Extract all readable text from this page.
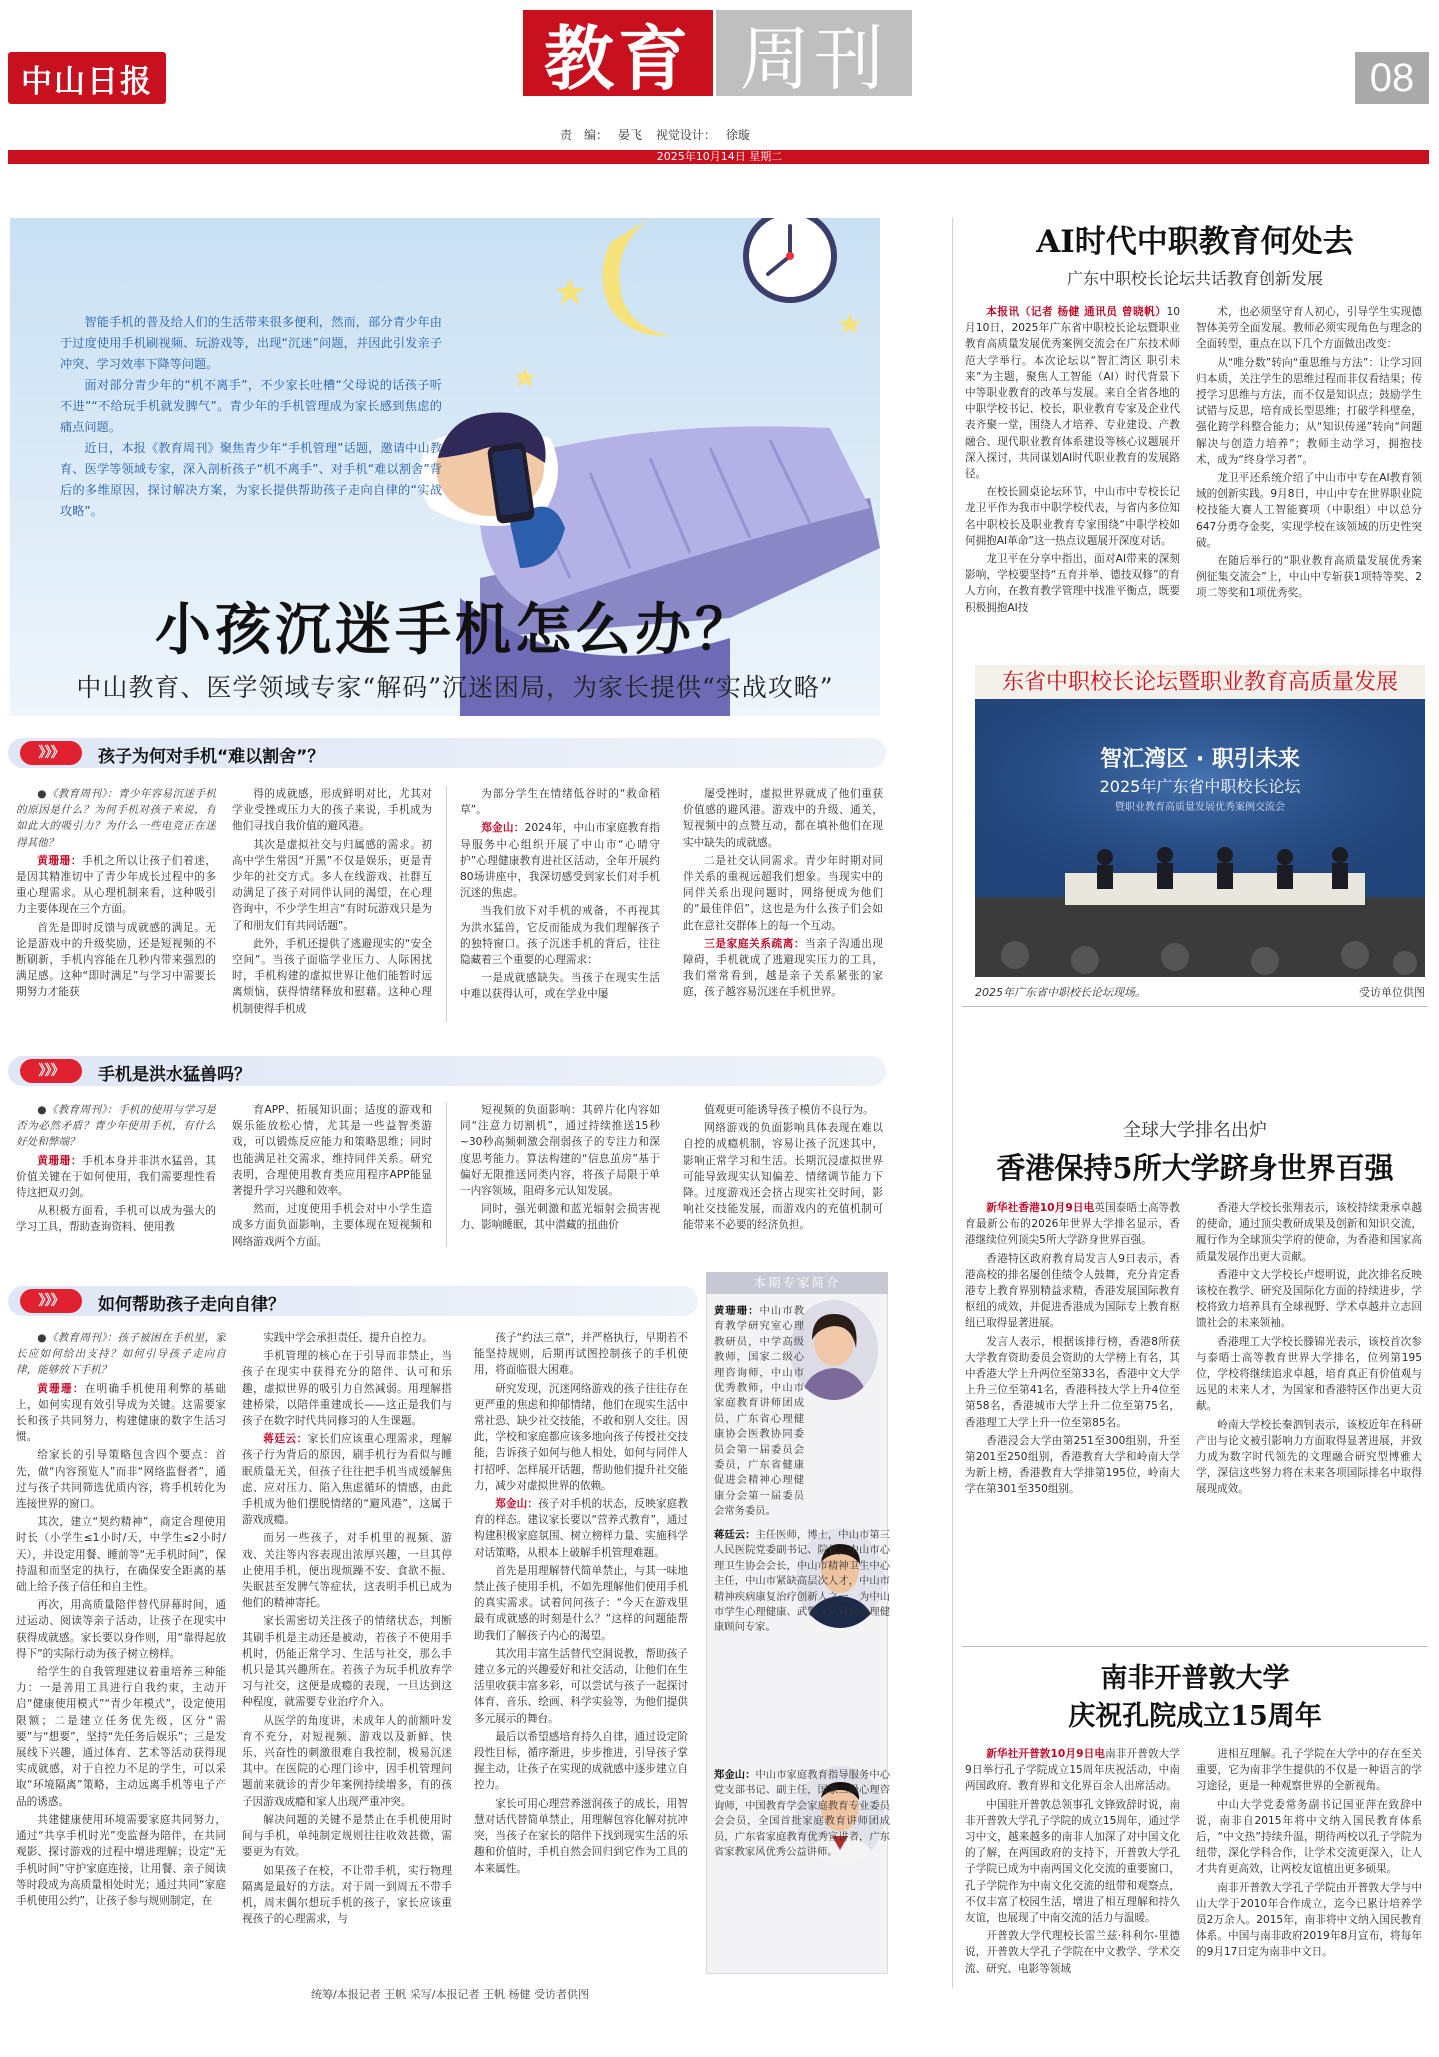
中山日报	教育 周刊	08
责　编： 晏飞 视觉设计： 徐璇
2025年10月14日 星期二

智能手机的普及给人们的生活带来很多便利，然而，部分青少年由于过度使用手机刷视频、玩游戏等，出现“沉迷”问题，并因此引发亲子冲突、学习效率下降等问题。

面对部分青少年的“机不离手”，不少家长吐槽“父母说的话孩子听不进”“不给玩手机就发脾气”。青少年的手机管理成为家长感到焦虑的痛点问题。

近日，本报《教育周刊》聚焦青少年“手机管理”话题，邀请中山教育、医学等领域专家，深入剖析孩子“机不离手”、对手机“难以割舍”背后的多维原因，探讨解决方案，为家长提供帮助孩子走向自律的“实战攻略”。

小孩沉迷手机怎么办？
中山教育、医学领域专家“解码”沉迷困局，为家长提供“实战攻略”
》》》	孩子为何对手机“难以割舍”？

●《教育周刊》：青少年容易沉迷手机的原因是什么？为何手机对孩子来说，有如此大的吸引力？为什么一些电竞正在迷得其他？

黄珊珊：手机之所以让孩子们着迷，是因其精准切中了青少年成长过程中的多重心理需求。从心理机制来看，这种吸引力主要体现在三个方面。

首先是即时反馈与成就感的满足。无论是游戏中的升级奖励，还是短视频的不断刷新，手机内容能在几秒内带来强烈的满足感。这种“即时满足”与学习中需要长期努力才能获

得的成就感，形成鲜明对比，尤其对学业受挫或压力大的孩子来说，手机成为他们寻找自我价值的避风港。

其次是虚拟社交与归属感的需求。初高中学生常因“开黑”不仅是娱乐，更是青少年的社交方式。多人在线游戏、社群互动满足了孩子对同伴认同的渴望，在心理咨询中，不少学生坦言“有时玩游戏只是为了和朋友们有共同话题”。

此外，手机还提供了逃避现实的“安全空间”。当孩子面临学业压力、人际困扰时，手机构建的虚拟世界让他们能暂时远离烦恼，获得情绪释放和慰藉。这种心理机制使得手机成

为部分学生在情绪低谷时的“救命稻草”。

郑金山：2024年，中山市家庭教育指导服务中心组织开展了中山市“心晴守护”心理健康教育进社区活动，全年开展约80场讲座中，我深切感受到家长们对手机沉迷的焦虑。

当我们放下对手机的戒备，不再视其为洪水猛兽，它反而能成为我们理解孩子的独特窗口。孩子沉迷手机的背后，往往隐藏着三个重要的心理需求：

一是成就感缺失。当孩子在现实生活中难以获得认可，或在学业中屡

屡受挫时，虚拟世界就成了他们重获价值感的避风港。游戏中的升级、通关，短视频中的点赞互动，都在填补他们在现实中缺失的成就感。

二是社交认同需求。青少年时期对同伴关系的重视远超我们想象。当现实中的同伴关系出现问题时，网络便成为他们的“最佳伴侣”，这也是为什么孩子们会如此在意社交群体上的每一个互动。

三是家庭关系疏离：当亲子沟通出现障碍，手机就成了逃避现实压力的工具，我们常常看到，越是亲子关系紧张的家庭，孩子越容易沉迷在手机世界。

》》》	手机是洪水猛兽吗？

●《教育周刊》：手机的使用与学习是否为必然矛盾？青少年使用手机，有什么好处和弊端？

黄珊珊：手机本身并非洪水猛兽，其价值关键在于如何使用，我们需要理性看待这把双刃剑。

从积极方面看，手机可以成为强大的学习工具，帮助查询资料、使用教

育APP、拓展知识面；适度的游戏和娱乐能放松心情，尤其是一些益智类游戏，可以锻炼反应能力和策略思维；同时也能满足社交需求，维持同伴关系。研究表明，合理使用教育类应用程序APP能显著提升学习兴趣和效率。

然而，过度使用手机会对中小学生造成多方面负面影响，主要体现在短视频和网络游戏两个方面。

短视频的负面影响：其碎片化内容如同“注意力切割机”，通过持续推送15秒~30秒高频刺激会削弱孩子的专注力和深度思考能力。算法构建的“信息茧房”基于偏好无限推送同类内容，将孩子局限于单一内容领域，阻碍多元认知发展。

同时，强光刺激和蓝光辐射会损害视力、影响睡眠，其中潜藏的扭曲价

值观更可能诱导孩子模仿不良行为。

网络游戏的负面影响具体表现在难以自控的成瘾机制，容易让孩子沉迷其中，影响正常学习和生活。长期沉浸虚拟世界可能导致现实认知偏差、情绪调节能力下降。过度游戏还会挤占现实社交时间，影响社交技能发展，而游戏内的充值机制可能带来不必要的经济负担。

》》》	如何帮助孩子走向自律？

●《教育周刊》：孩子被困在手机里，家长应如何给出支持？如何引导孩子走向自律，能够放下手机？

黄珊珊：在明确手机使用利弊的基础上，如何实现有效引导成为关键。这需要家长和孩子共同努力，构建健康的数字生活习惯。

给家长的引导策略包含四个要点：首先，做“内容预览人”而非“网络监督者”，通过与孩子共同筛选优质内容，将手机转化为连接世界的窗口。

其次，建立“契约精神”，商定合理使用时长（小学生≤1小时/天，中学生≤2小时/天），并设定用餐、睡前等“无手机时间”，保持温和而坚定的执行，在确保安全距离的基础上给予孩子信任和自主性。

再次，用高质量陪伴替代屏幕时间，通过运动、阅读等亲子活动，让孩子在现实中获得成就感。家长要以身作则，用“靠得起放得下”的实际行动为孩子树立榜样。

给学生的自我管理建议着重培养三种能力：一是善用工具进行自我约束，主动开启“健康使用模式”“青少年模式”，设定使用限额；二是建立任务优先级，区分“需要”与“想要”，坚持“先任务后娱乐”；三是发展线下兴趣，通过体育、艺术等活动获得现实成就感，对于自控力不足的学生，可以采取“环境隔离”策略，主动远离手机等电子产品的诱惑。

共建健康使用环境需要家庭共同努力，通过“共享手机时光”变监督为陪伴，在共同观影、探讨游戏的过程中增进理解；设定“无手机时间”守护家庭连接，让用餐、亲子阅读等时段成为高质量相处时光；通过共同“家庭手机使用公约”，让孩子参与规则制定，在

实践中学会承担责任、提升自控力。

手机管理的核心在于引导而非禁止，当孩子在现实中获得充分的陪伴、认可和乐趣，虚拟世界的吸引力自然减弱。用理解搭建桥梁，以陪伴重建成长——这正是我们与孩子在数字时代共同修习的人生课题。

蒋廷云：家长们应该重心理需求，理解孩子行为背后的原因，刷手机行为看似与睡眠质量无关，但孩子往往把手机当成缓解焦虑、应对压力、陷入焦虑循环的情感，由此手机成为他们摆脱情绪的“避风港”，这属于游戏成瘾。

而另一些孩子，对手机里的视频、游戏、关注等内容表现出浓厚兴趣，一旦其停止使用手机，便出现烦躁不安、食欲不振、失眠甚至发脾气等症状，这表明手机已成为他们的精神寄托。

家长需密切关注孩子的情绪状态，判断其刷手机是主动还是被动，若孩子不使用手机时，仍能正常学习、生活与社交，那么手机只是其兴趣所在。若孩子为玩手机放弃学习与社交，这便是成瘾的表现，一旦达到这种程度，就需要专业治疗介入。

从医学的角度讲，未成年人的前额叶发育不充分，对短视频、游戏以及新鲜、快乐、兴奋性的刺激很难自我控制，极易沉迷其中。在医院的心理门诊中，因手机管理问题前来就诊的青少年案例持续增多，有的孩子因游戏成瘾和家人出现严重冲突。

解决问题的关键不是禁止在手机使用时间与手机，单纯制定规则往往收效甚微，需要更为有效。

如果孩子在校，不让带手机，实行物理隔离是最好的方法。对于周一到周五不带手机，周末偶尔想玩手机的孩子，家长应该重视孩子的心理需求，与

孩子“约法三章”，并严格执行，早期若不能坚持规则，后期再试图控制孩子的手机使用，将面临很大困难。

研究发现，沉迷网络游戏的孩子往往存在更严重的焦虑和抑郁情绪，他们在现实生活中常社恐、缺少社交技能，不敢和别人交往。因此，学校和家庭都应该多地向孩子传授社交技能，告诉孩子如何与他人相处，如何与同伴人打招呼、怎样展开话题，帮助他们提升社交能力，减少对虚拟世界的依赖。

郑金山：孩子对手机的状态，反映家庭教育的样态。建议家长要以“营养式教育”，通过构建积极家庭氛围、树立榜样力量、实施科学对话策略，从根本上破解手机管理难题。

首先是用理解替代简单禁止，与其一味地禁止孩子使用手机，不如先理解他们使用手机的真实需求。试着问问孩子：“今天在游戏里最有成就感的时刻是什么？”这样的问题能帮助我们了解孩子内心的渴望。

其次用丰富生活替代空洞说教，帮助孩子建立多元的兴趣爱好和社交活动，让他们在生活里收获丰富多彩，可以尝试与孩子一起探讨体育、音乐、绘画、科学实验等，为他们提供多元展示的舞台。

最后以希望感培育持久自律，通过设定阶段性目标，循序渐进，步步推进，引导孩子掌握主动，让孩子在实现的成就感中逐步建立自控力。

家长可用心理营养滋润孩子的成长，用智慧对话代替简单禁止，用理解包容化解对抗冲突，当孩子在家长的陪伴下找到现实生活的乐趣和价值时，手机自然会回归到它作为工具的本来属性。

本期专家简介
黄珊珊：中山市教育教学研究室心理教研员，中学高级教师，国家二级心理咨询师，中山市优秀教师，中山市家庭教育讲师团成员，广东省心理健康协会医教协同委员会第一届委员会委员，广东省健康促进会精神心理健康分会第一届委员会常务委员。
蒋廷云：主任医师，博士，中山市第三人民医院党委副书记、院长，中山市心理卫生协会会长，中山市精神卫生中心主任，中山市紧缺高层次人才，中山市精神疾病康复治疗创新人之一，为中山市学生心理健康、武警支队官兵心理健康顾问专家。
郑金山：中山市家庭教育指导服务中心党支部书记、副主任，国家二级心理咨询师，中国教育学会家庭教育专业委员会会员，全国首批家庭教育讲师团成员，广东省家庭教育优秀宣讲者，广东省家教家风优秀公益讲师。
统筹/本报记者 王帆 采写/本报记者 王帆 杨健 受访者供图
AI时代中职教育何处去
广东中职校长论坛共话教育创新发展

本报讯（记者 杨健 通讯员 曾晓帆）10月10日，2025年广东省中职校长论坛暨职业教育高质量发展优秀案例交流会在广东技术师范大学举行。本次论坛以“智汇湾区 职引未来”为主题，聚焦人工智能（AI）时代背景下中等职业教育的改革与发展。来自全省各地的中职学校书记、校长，职业教育专家及企业代表齐聚一堂，围绕人才培养、专业建设、产教融合、现代职业教育体系建设等核心议题展开深入探讨，共同谋划AI时代职业教育的发展路径。

在校长圆桌论坛环节，中山市中专校长记龙卫平作为我市中职学校代表，与省内多位知名中职校长及职业教育专家围绕“中职学校如何拥抱AI革命”这一热点议题展开深度对话。

龙卫平在分享中指出，面对AI带来的深刻影响，学校要坚持“五育并举、德技双修”的育人方向，在教育教学管理中找准平衡点，既要积极拥抱AI技

术，也必须坚守育人初心，引导学生实现德智体美劳全面发展。教师必须实现角色与理念的全面转型，重点在以下几个方面做出改变：

从“唯分数”转向“重思维与方法”：让学习回归本质，关注学生的思维过程而非仅看结果；传授学习思维与方法，而不仅是知识点；鼓励学生试错与反思，培育成长型思维；打破学科壁垒，强化跨学科整合能力；从“知识传递”转向“问题解决与创造力培养”；教师主动学习，拥抱技术，成为“终身学习者”。

龙卫平还系统介绍了中山市中专在AI教育领域的创新实践。9月8日，中山中专在世界职业院校技能大赛人工智能赛项（中职组）中以总分647分勇夺金奖，实现学校在该领域的历史性突破。

在随后举行的“职业教育高质量发展优秀案例征集交流会”上，中山中专斩获1项特等奖、2项二等奖和1项优秀奖。

东省中职校长论坛暨职业教育高质量发展
智汇湾区 · 职引未来
2025年广东省中职校长论坛
暨职业教育高质量发展优秀案例交流会
2025年广东省中职校长论坛现场。	受访单位供图
全球大学排名出炉
香港保持5所大学跻身世界百强

新华社香港10月9日电英国泰晤士高等教育最新公布的2026年世界大学排名显示，香港继续位列顶尖5所大学跻身世界百强。

香港特区政府教育局发言人9日表示，香港高校的排名屡创佳绩令人鼓舞，充分肯定香港专上教育界别精益求精，香港发展国际教育枢纽的成效，并促进香港成为国际专上教育枢纽已取得显著进展。

发言人表示，根据该排行榜，香港8所获大学教育资助委员会资助的大学榜上有名，其中香港大学上升两位至第33名，香港中文大学上升三位至第41名，香港科技大学上升4位至第58名，香港城市大学上升二位至第75名，香港理工大学上升一位至第85名。

香港浸会大学由第251至300组别，升至第201至250组别，香港教育大学和岭南大学为新上榜，香港教育大学排第195位，岭南大学在第301至350组别。

香港大学校长张翔表示，该校持续秉承卓越的使命，通过顶尖教研成果及创新和知识交流，履行作为全球顶尖学府的使命，为香港和国家高质量发展作出更大贡献。

香港中文大学校长卢煜明说，此次排名反映该校在教学、研究及国际化方面的持续进步，学校将致力培养具有全球视野、学术卓越并立志回馈社会的未来领袖。

香港理工大学校长滕锦光表示，该校首次参与泰晤士高等教育世界大学排名，位列第195位，学校将继续追求卓越，培育真正有价值观与远见的未来人才，为国家和香港特区作出更大贡献。

岭南大学校长秦泗钊表示，该校近年在科研产出与论文被引影响力方面取得显著进展，并致力成为数字时代领先的文理融合研究型博雅大学，深信这些努力将在未来各项国际排名中取得展现成效。

南非开普敦大学
庆祝孔院成立15周年

新华社开普敦10月9日电南非开普敦大学9日举行孔子学院成立15周年庆祝活动，中南两国政府、教育界和文化界百余人出席活动。

中国驻开普敦总领事孔文锋致辞时说，南非开普敦大学孔子学院的成立15周年，通过学习中文，越来越多的南非人加深了对中国文化的了解，在两国政府的支持下，开普敦大学孔子学院已成为中南两国文化交流的重要窗口，孔子学院作为中南文化交流的纽带和观察点，不仅丰富了校园生活，增进了相互理解和持久友谊，也展现了中南交流的活力与温暖。

开普敦大学代理校长雷兰兹·科利尔-里德说，开普敦大学孔子学院在中文教学、学术交流、研究、电影等领域

进相互理解。孔子学院在大学中的存在至关重要，它为南非学生提供的不仅是一种语言的学习途径，更是一种观察世界的全新视角。

中山大学党委常务副书记国亚萍在致辞中说，南非自2015年将中文纳入国民教育体系后，“中文热”持续升温，期待两校以孔子学院为纽带，深化学科合作，让学术交流更深入，让人才共育更高效，让两校友谊植出更多硕果。

南非开普敦大学孔子学院由开普敦大学与中山大学于2010年合作成立，迄今已累计培养学员2万余人。2015年，南非将中文纳入国民教育体系。中国与南非政府2019年8月宣布，将每年的9月17日定为南非中文日。
